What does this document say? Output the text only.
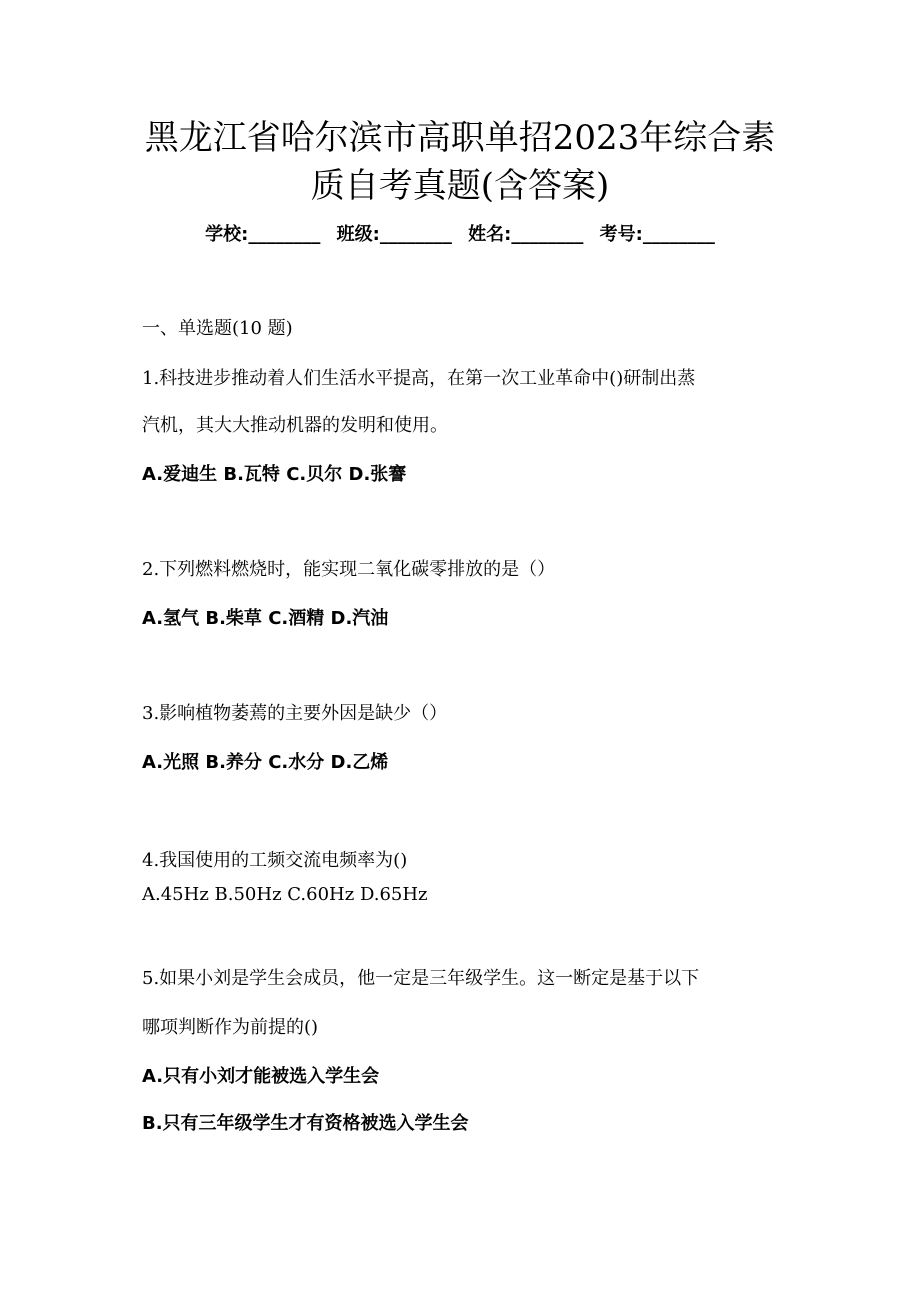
黑龙江省哈尔滨市高职单招2023年综合素
质自考真题(含答案)
学校:________ 班级:________ 姓名:________ 考号:________
一、单选题(10 题)
1.科技进步推动着人们生活水平提高，在第一次工业革命中()研制出蒸
汽机，其大大推动机器的发明和使用。
A.爱迪生 B.瓦特 C.贝尔 D.张謇
2.下列燃料燃烧时，能实现二氧化碳零排放的是（）
A.氢气 B.柴草 C.酒精 D.汽油
3.影响植物萎蔫的主要外因是缺少（）
A.光照 B.养分 C.水分 D.乙烯
4.我国使用的工频交流电频率为()
A.45Hz B.50Hz C.60Hz D.65Hz
5.如果小刘是学生会成员，他一定是三年级学生。这一断定是基于以下
哪项判断作为前提的()
A.只有小刘才能被选入学生会
B.只有三年级学生才有资格被选入学生会
